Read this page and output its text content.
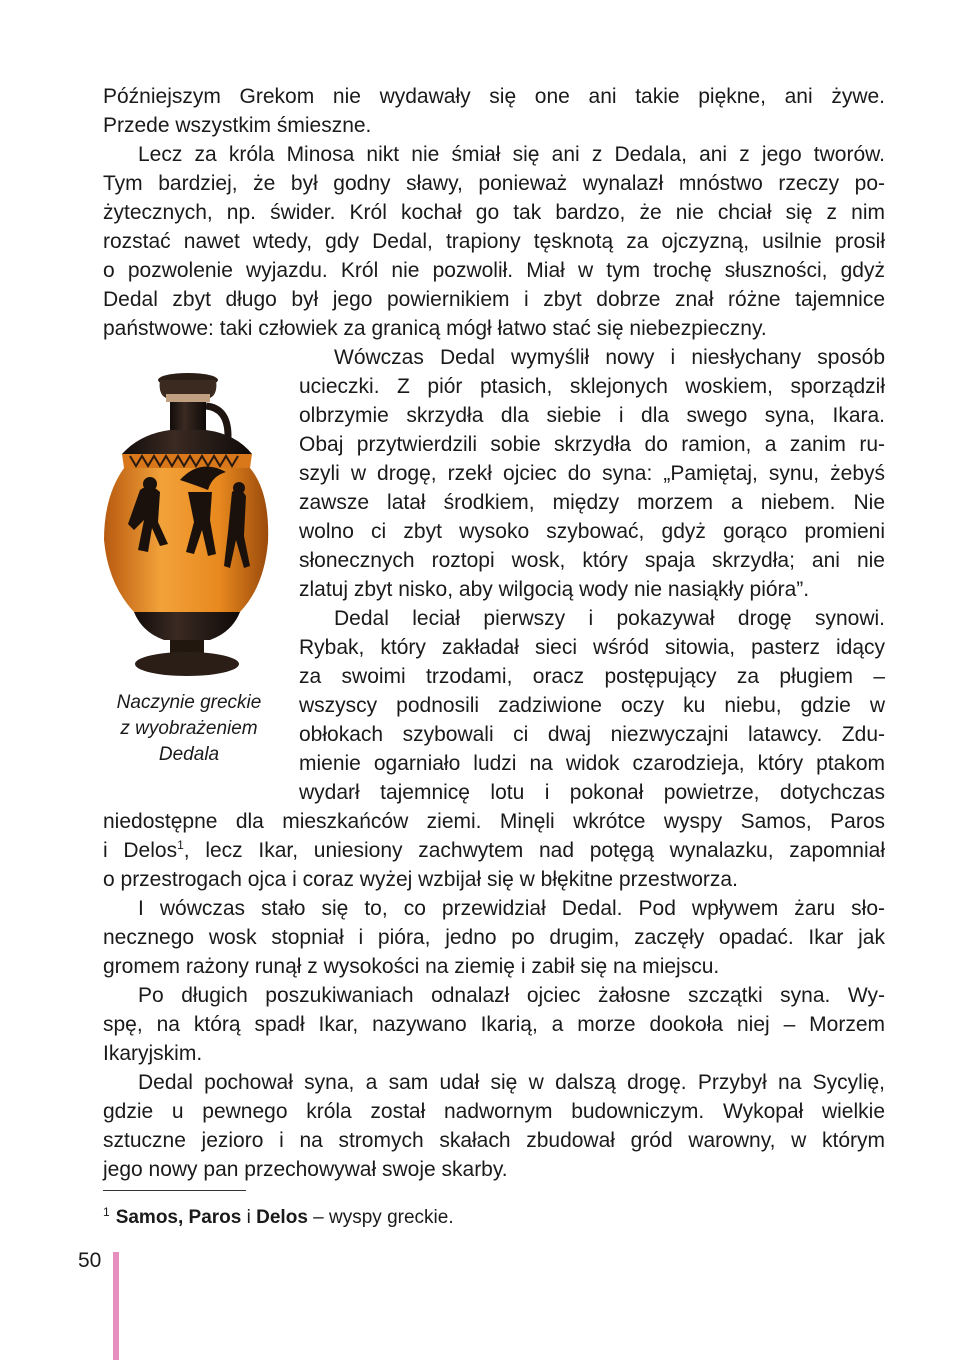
Późniejszym Grekom nie wydawały się one ani takie piękne, ani żywe.
Przede wszystkim śmieszne.
Lecz za króla Minosa nikt nie śmiał się ani z Dedala, ani z jego tworów.
Tym bardziej, że był godny sławy, ponieważ wynalazł mnóstwo rzeczy po-
żytecznych, np. świder. Król kochał go tak bardzo, że nie chciał się z nim
rozstać nawet wtedy, gdy Dedal, trapiony tęsknotą za ojczyzną, usilnie prosił
o pozwolenie wyjazdu. Król nie pozwolił. Miał w tym trochę słuszności, gdyż
Dedal zbyt długo był jego powiernikiem i zbyt dobrze znał różne tajemnice
państwowe: taki człowiek za granicą mógł łatwo stać się niebezpieczny.
Wówczas Dedal wymyślił nowy i niesłychany sposób
ucieczki. Z piór ptasich, sklejonych woskiem, sporządził
olbrzymie skrzydła dla siebie i dla swego syna, Ikara.
Obaj przytwierdzili sobie skrzydła do ramion, a zanim ru-
szyli w drogę, rzekł ojciec do syna: „Pamiętaj, synu, żebyś
zawsze latał środkiem, między morzem a niebem. Nie
wolno ci zbyt wysoko szybować, gdyż gorąco promieni
słonecznych roztopi wosk, który spaja skrzydła; ani nie
zlatuj zbyt nisko, aby wilgocią wody nie nasiąkły pióra”.
Dedal leciał pierwszy i pokazywał drogę synowi.
Rybak, który zakładał sieci wśród sitowia, pasterz idący
za swoimi trzodami, oracz postępujący za pługiem –
wszyscy podnosili zadziwione oczy ku niebu, gdzie w
obłokach szybowali ci dwaj niezwyczajni latawcy. Zdu-
mienie ogarniało ludzi na widok czarodzieja, który ptakom
wydarł tajemnicę lotu i pokonał powietrze, dotychczas
niedostępne dla mieszkańców ziemi. Minęli wkrótce wyspy Samos, Paros
i Delos$^1$, lecz Ikar, uniesiony zachwytem nad potęgą wynalazku, zapomniał
o przestrogach ojca i coraz wyżej wzbijał się w błękitne przestworza.
I wówczas stało się to, co przewidział Dedal. Pod wpływem żaru sło-
necznego wosk stopniał i pióra, jedno po drugim, zaczęły opadać. Ikar jak
gromem rażony runął z wysokości na ziemię i zabił się na miejscu.
Po długich poszukiwaniach odnalazł ojciec żałosne szczątki syna. Wy-
spę, na którą spadł Ikar, nazywano Ikarią, a morze dookoła niej – Morzem
Ikaryjskim.
Dedal pochował syna, a sam udał się w dalszą drogę. Przybył na Sycylię,
gdzie u pewnego króla został nadwornym budowniczym. Wykopał wielkie
sztuczne jezioro i na stromych skałach zbudował gród warowny, w którym
jego nowy pan przechowywał swoje skarby.
Naczynie greckie
z wyobrażeniem
Dedala
$^1$ Samos, Paros i Delos – wyspy greckie.
50
